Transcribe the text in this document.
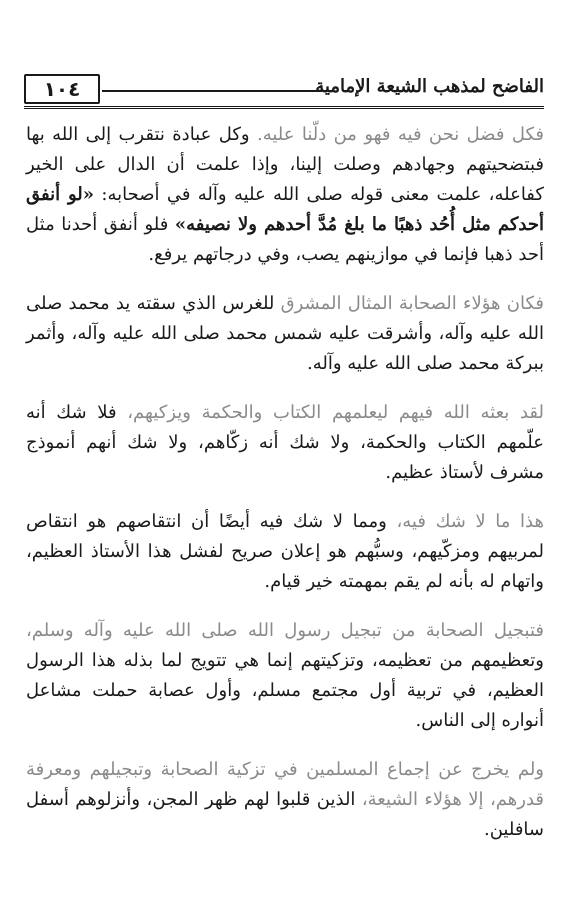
الفاضح لمذهب الشيعة الإمامية
١٠٤

فكل فضل نحن فيه فهو من دلّنا عليه. وكل عبادة نتقرب إلى الله بها فبتضحيتهم وجهادهم وصلت إلينا، وإذا علمت أن الدال على الخير كفاعله، علمت معنى قوله صلى الله عليه وآله في أصحابه: «لو أنفق أحدكم مثل أُحُد ذهبًا ما بلغ مُدَّ أحدهم ولا نصيفه» فلو أنفق أحدنا مثل أحد ذهبا فإنما في موازينهم يصب، وفي درجاتهم يرفع.

فكان هؤلاء الصحابة المثال المشرق للغرس الذي سقته يد محمد صلى الله عليه وآله، وأشرقت عليه شمس محمد صلى الله عليه وآله، وأثمر ببركة محمد صلى الله عليه وآله.

لقد بعثه الله فيهم ليعلمهم الكتاب والحكمة ويزكيهم، فلا شك أنه علّمهم الكتاب والحكمة، ولا شك أنه زكّاهم، ولا شك أنهم أنموذج مشرف لأستاذ عظيم.

هذا ما لا شك فيه، ومما لا شك فيه أيضًا أن انتقاصهم هو انتقاص لمربيهم ومزكّيهم، وسبُّهم هو إعلان صريح لفشل هذا الأستاذ العظيم، واتهام له بأنه لم يقم بمهمته خير قيام.

فتبجيل الصحابة من تبجيل رسول الله صلى الله عليه وآله وسلم، وتعظيمهم من تعظيمه، وتزكيتهم إنما هي تتويج لما بذله هذا الرسول العظيم، في تربية أول مجتمع مسلم، وأول عصابة حملت مشاعل أنواره إلى الناس.

ولم يخرج عن إجماع المسلمين في تزكية الصحابة وتبجيلهم ومعرفة قدرهم، إلا هؤلاء الشيعة، الذين قلبوا لهم ظهر المجن، وأنزلوهم أسفل سافلين.
